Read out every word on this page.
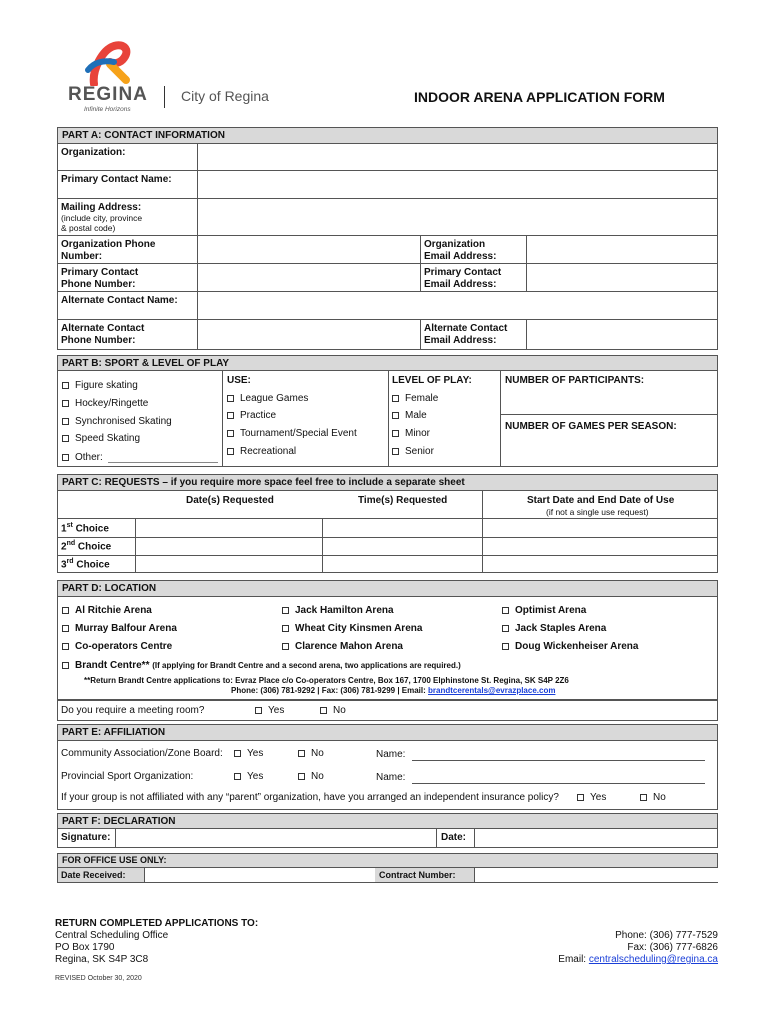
REGINA
Infinite Horizons
City of Regina	INDOOR ARENA APPLICATION FORM
PART A: CONTACT INFORMATION
Organization:
Primary Contact Name:
Mailing Address:
(include city, province
& postal code)
Organization Phone
Number:
Organization
Email Address:
Primary Contact
Phone Number:
Primary Contact
Email Address:
Alternate Contact Name:
Alternate Contact
Phone Number:
Alternate Contact
Email Address:
PART B: SPORT & LEVEL OF PLAY
Figure skating
Hockey/Ringette
Synchronised Skating
Speed Skating
Other:
USE:
League Games
Practice
Tournament/Special Event
Recreational
LEVEL OF PLAY:
Female
Male
Minor
Senior
NUMBER OF PARTICIPANTS:
NUMBER OF GAMES PER SEASON:
PART C: REQUESTS – if you require more space feel free to include a separate sheet
Date(s) Requested	Time(s) Requested	Start Date and End Date of Use
(if not a single use request)
1st Choice
2nd Choice
3rd Choice
PART D: LOCATION
Al Ritchie Arena
Murray Balfour Arena
Co-operators Centre
Jack Hamilton Arena
Wheat City Kinsmen Arena
Clarence Mahon Arena
Optimist Arena
Jack Staples Arena
Doug Wickenheiser Arena
Brandt Centre** (If applying for Brandt Centre and a second arena, two applications are required.)
**Return Brandt Centre applications to: Evraz Place c/o Co-operators Centre, Box 167, 1700 Elphinstone St. Regina, SK S4P 2Z6
Phone: (306) 781-9292 | Fax: (306) 781-9299 | Email: brandtcerentals@evrazplace.com
Do you require a meeting room?	Yes	No
PART E: AFFILIATION
Community Association/Zone Board:	Yes	No	Name:
Provincial Sport Organization:	Yes	No	Name:
If your group is not affiliated with any “parent” organization, have you arranged an independent insurance policy?	Yes	No
PART F: DECLARATION
Signature:	Date:
FOR OFFICE USE ONLY:
Date Received:	Contract Number:
RETURN COMPLETED APPLICATIONS TO:
Central Scheduling Office
PO Box 1790
Regina, SK S4P 3C8
Phone: (306) 777-7529
Fax: (306) 777-6826
Email: centralscheduling@regina.ca
REVISED October 30, 2020
